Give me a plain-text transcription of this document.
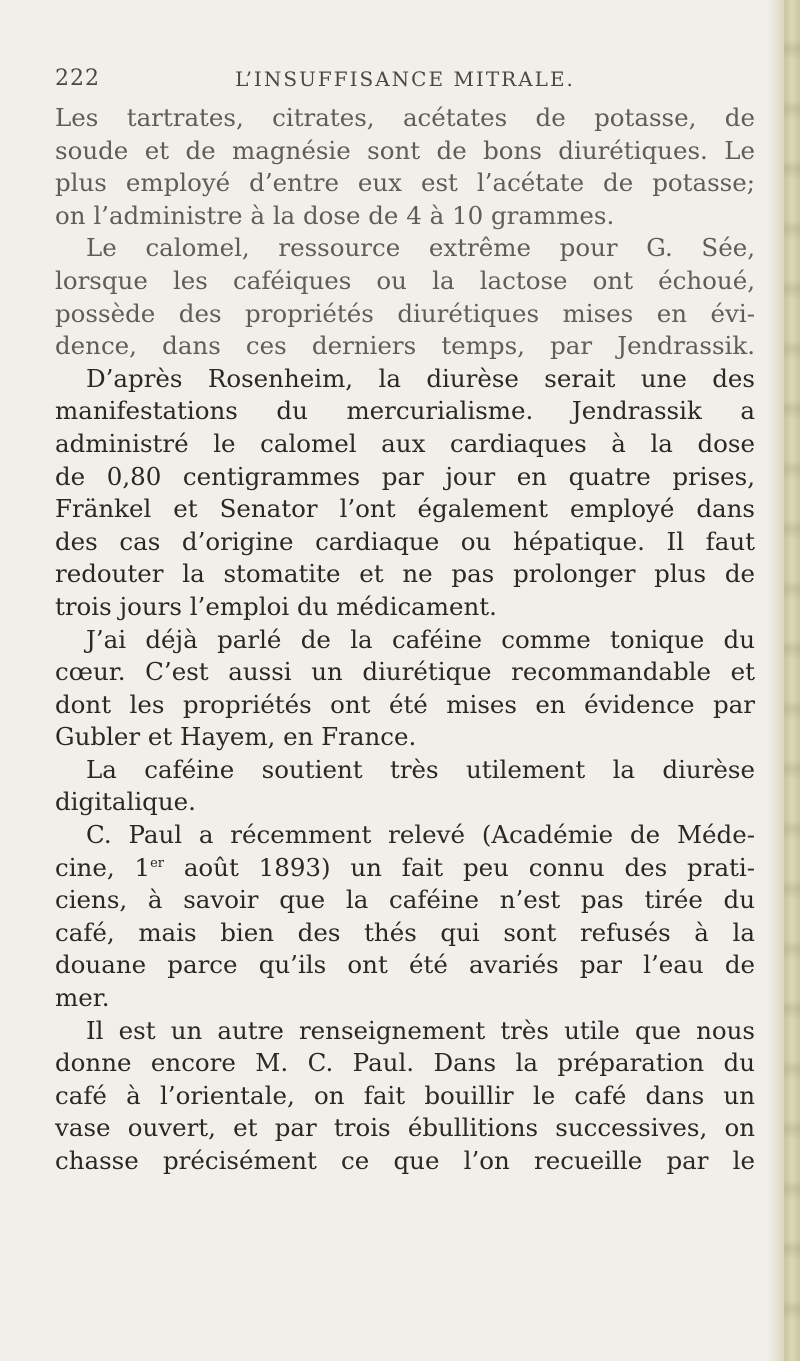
222	L’INSUFFISANCE MITRALE.
Les tartrates, citrates, acétates de potasse, de
soude et de magnésie sont de bons diurétiques. Le
plus employé d’entre eux est l’acétate de potasse;
on l’administre à la dose de 4 à 10 grammes.
Le calomel, ressource extrême pour G. Sée,
lorsque les caféiques ou la lactose ont échoué,
possède des propriétés diurétiques mises en évi-
dence, dans ces derniers temps, par Jendrassik.
D’après Rosenheim, la diurèse serait une des
manifestations du mercurialisme. Jendrassik a
administré le calomel aux cardiaques à la dose
de 0,80 centigrammes par jour en quatre prises,
Fränkel et Senator l’ont également employé dans
des cas d’origine cardiaque ou hépatique. Il faut
redouter la stomatite et ne pas prolonger plus de
trois jours l’emploi du médicament.
J’ai déjà parlé de la caféine comme tonique du
cœur. C’est aussi un diurétique recommandable et
dont les propriétés ont été mises en évidence par
Gubler et Hayem, en France.
La caféine soutient très utilement la diurèse
digitalique.
C. Paul a récemment relevé (Académie de Méde-
cine, 1er août 1893) un fait peu connu des prati-
ciens, à savoir que la caféine n’est pas tirée du
café, mais bien des thés qui sont refusés à la
douane parce qu’ils ont été avariés par l’eau de
mer.
Il est un autre renseignement très utile que nous
donne encore M. C. Paul. Dans la préparation du
café à l’orientale, on fait bouillir le café dans un
vase ouvert, et par trois ébullitions successives, on
chasse précisément ce que l’on recueille par le
